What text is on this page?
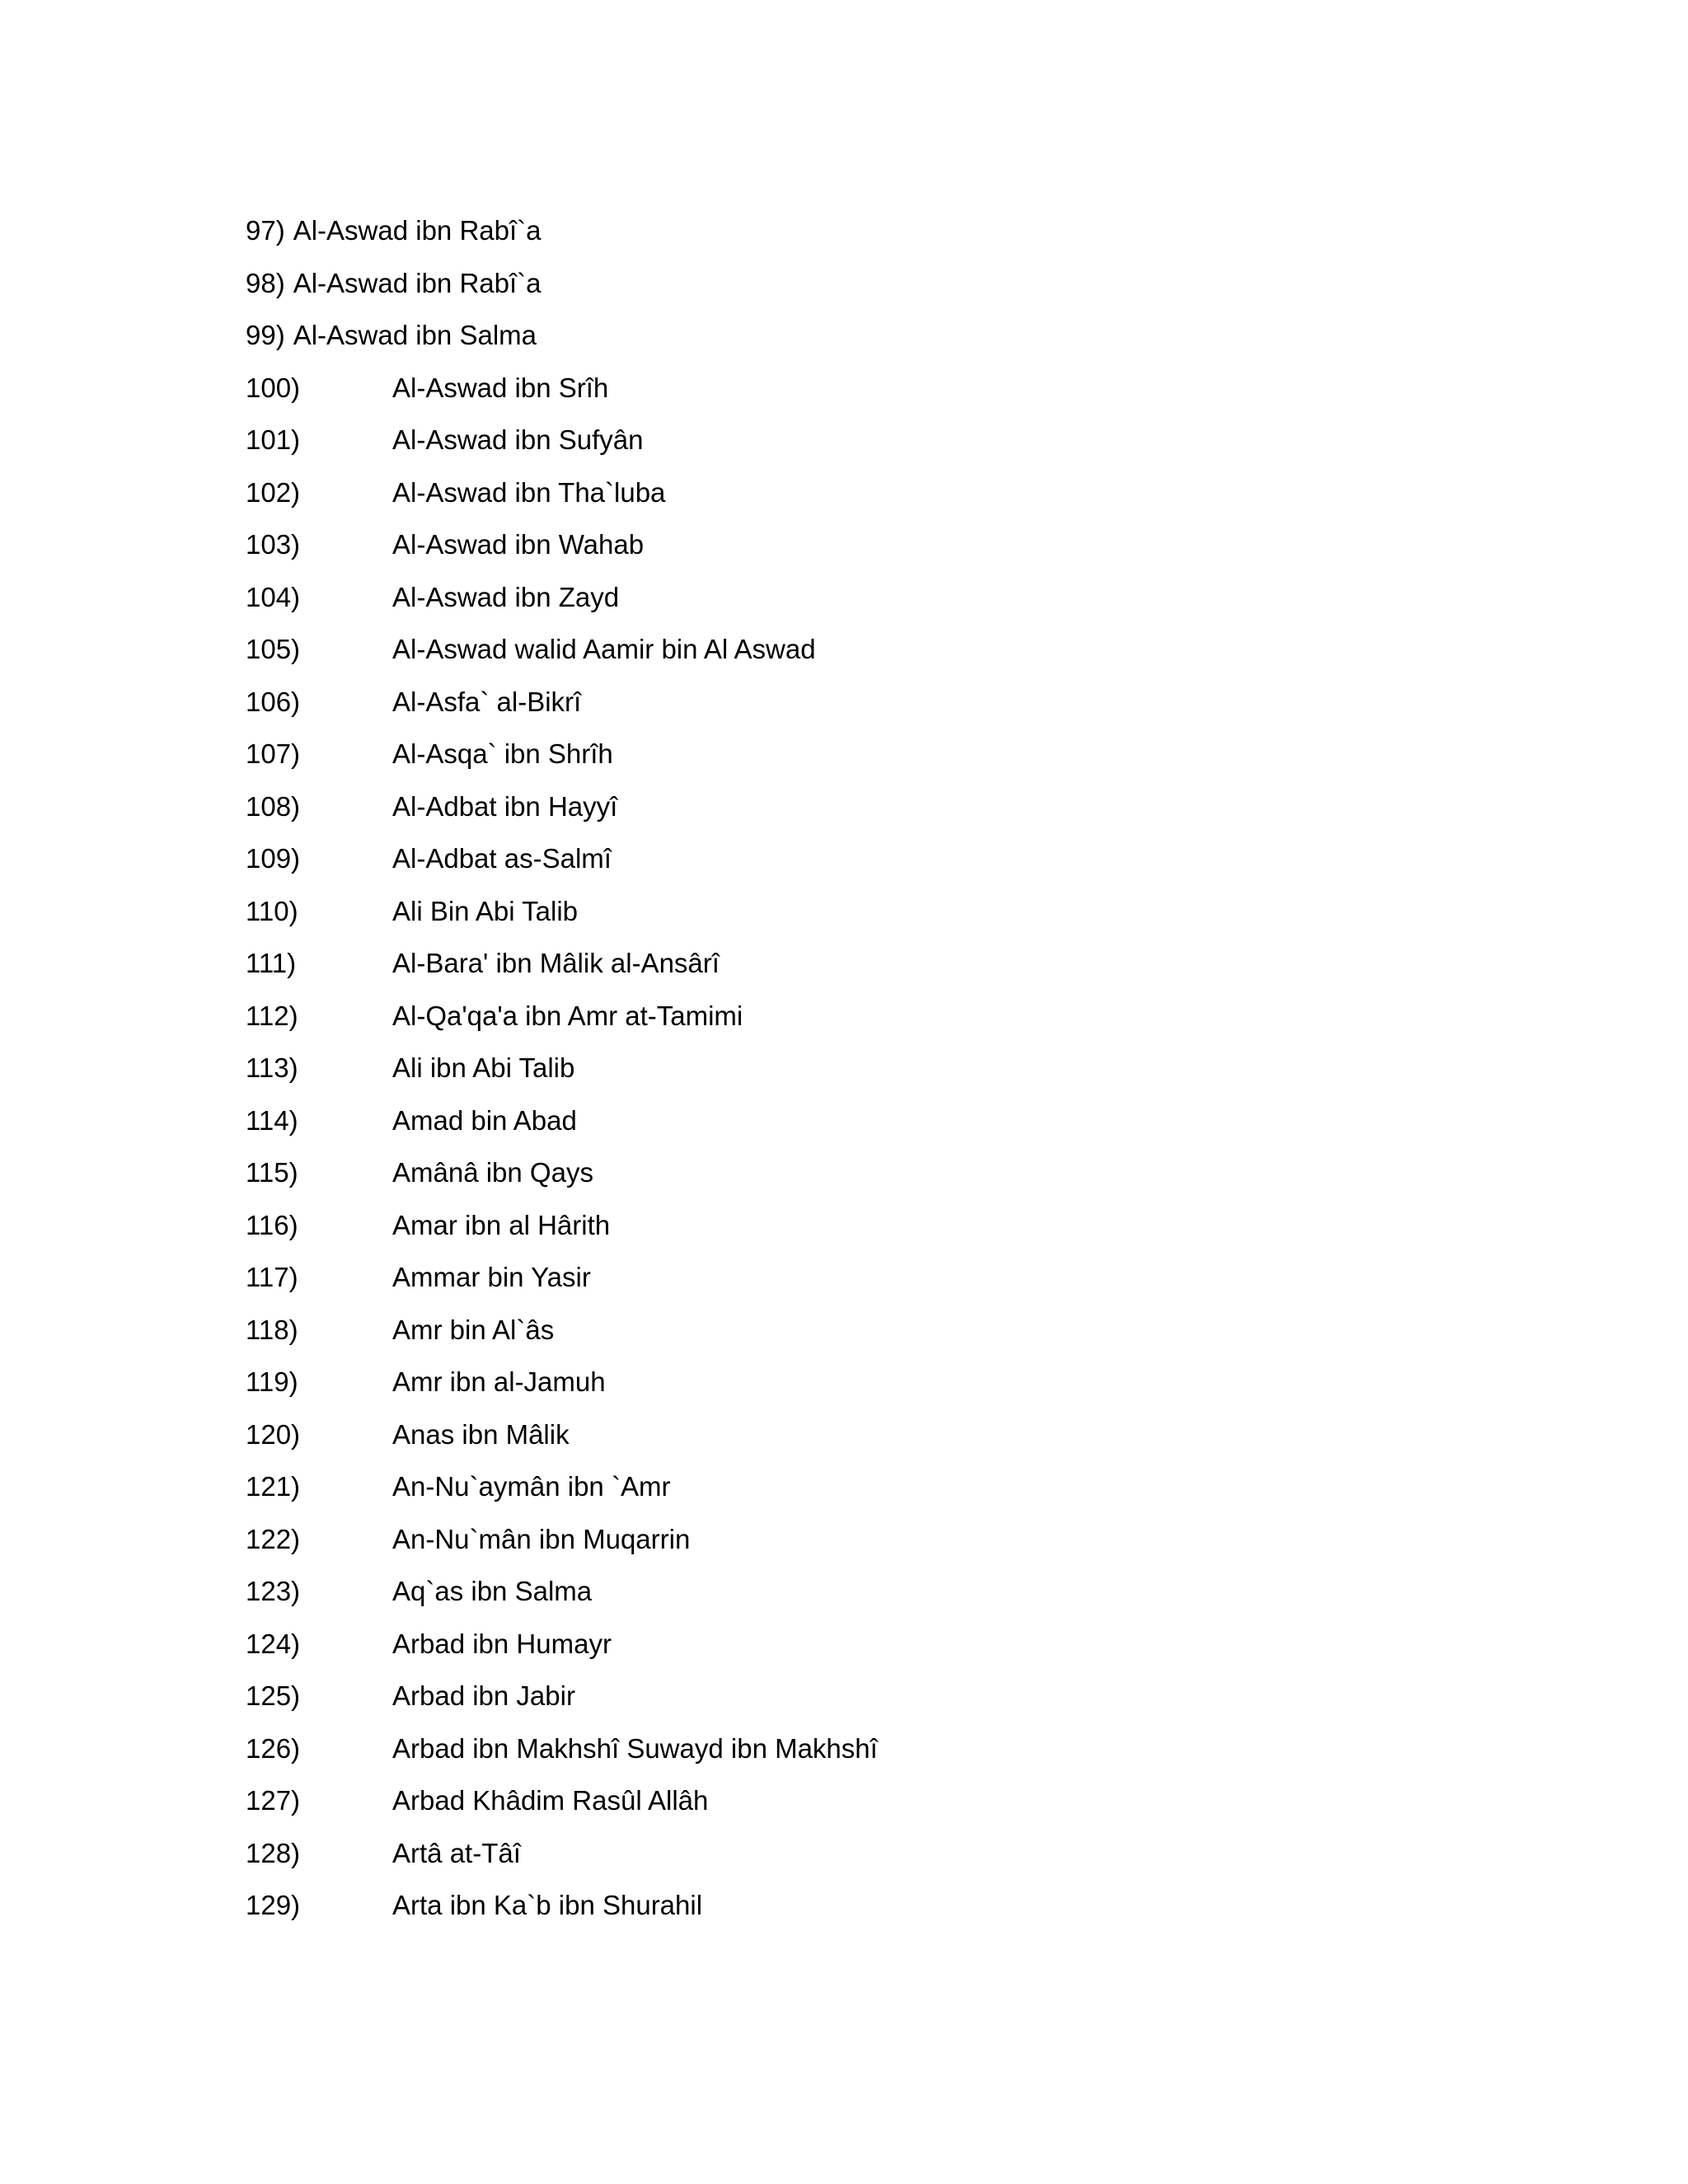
97) Al-Aswad ibn Rabî`a
98) Al-Aswad ibn Rabî`a
99) Al-Aswad ibn Salma
100)	Al-Aswad ibn Srîh
101)	Al-Aswad ibn Sufyân
102)	Al-Aswad ibn Tha`luba
103)	Al-Aswad ibn Wahab
104)	Al-Aswad ibn Zayd
105)	Al-Aswad walid Aamir bin Al Aswad
106)	Al-Asfa` al-Bikrî
107)	Al-Asqa` ibn Shrîh
108)	Al-Adbat ibn Hayyî
109)	Al-Adbat as-Salmî
110)	Ali Bin Abi Talib
111)	Al-Bara' ibn Mâlik al-Ansârî
112)	Al-Qa'qa'a ibn Amr at-Tamimi
113)	Ali ibn Abi Talib
114)	Amad bin Abad
115)	Amânâ ibn Qays
116)	Amar ibn al Hârith
117)	Ammar bin Yasir
118)	Amr bin Al`âs
119)	Amr ibn al-Jamuh
120)	Anas ibn Mâlik
121)	An-Nu`aymân ibn `Amr
122)	An-Nu`mân ibn Muqarrin
123)	Aq`as ibn Salma
124)	Arbad ibn Humayr
125)	Arbad ibn Jabir
126)	Arbad ibn Makhshî Suwayd ibn Makhshî
127)	Arbad Khâdim Rasûl Allâh
128)	Artâ at-Tâî
129)	Arta ibn Ka`b ibn Shurahil
